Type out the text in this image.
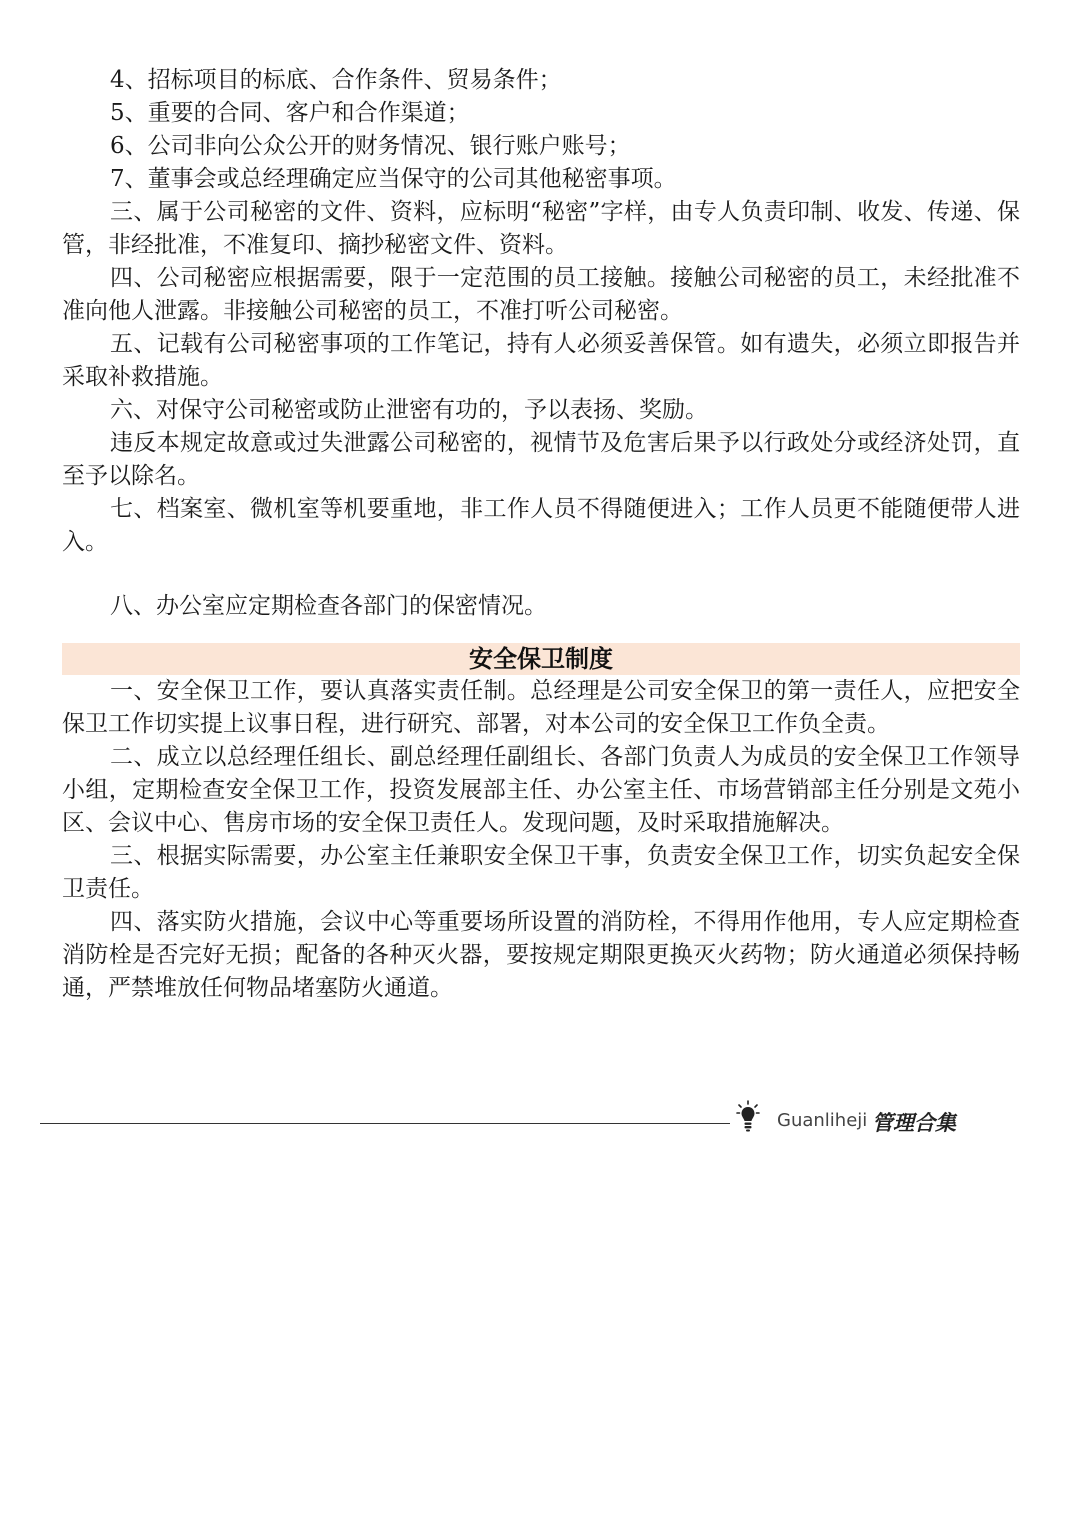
4、招标项目的标底、合作条件、贸易条件；

5、重要的合同、客户和合作渠道；

6、公司非向公众公开的财务情况、银行账户账号；

7、董事会或总经理确定应当保守的公司其他秘密事项。

三、属于公司秘密的文件、资料，应标明“秘密”字样，由专人负责印制、收发、传递、保管，非经批准，不准复印、摘抄秘密文件、资料。

四、公司秘密应根据需要，限于一定范围的员工接触。接触公司秘密的员工，未经批准不准向他人泄露。非接触公司秘密的员工，不准打听公司秘密。

五、记载有公司秘密事项的工作笔记，持有人必须妥善保管。如有遗失，必须立即报告并采取补救措施。

六、对保守公司秘密或防止泄密有功的，予以表扬、奖励。

违反本规定故意或过失泄露公司秘密的，视情节及危害后果予以行政处分或经济处罚，直至予以除名。

七、档案室、微机室等机要重地，非工作人员不得随便进入；工作人员更不能随便带人进入。

八、办公室应定期检查各部门的保密情况。

安全保卫制度

一、安全保卫工作，要认真落实责任制。总经理是公司安全保卫的第一责任人，应把安全保卫工作切实提上议事日程，进行研究、部署，对本公司的安全保卫工作负全责。

二、成立以总经理任组长、副总经理任副组长、各部门负责人为成员的安全保卫工作领导小组，定期检查安全保卫工作，投资发展部主任、办公室主任、市场营销部主任分别是文苑小区、会议中心、售房市场的安全保卫责任人。发现问题，及时采取措施解决。

三、根据实际需要，办公室主任兼职安全保卫干事，负责安全保卫工作，切实负起安全保卫责任。

四、落实防火措施，会议中心等重要场所设置的消防栓，不得用作他用，专人应定期检查消防栓是否完好无损；配备的各种灭火器，要按规定期限更换灭火药物；防火通道必须保持畅通，严禁堆放任何物品堵塞防火通道。

Guanliheji 管理合集
